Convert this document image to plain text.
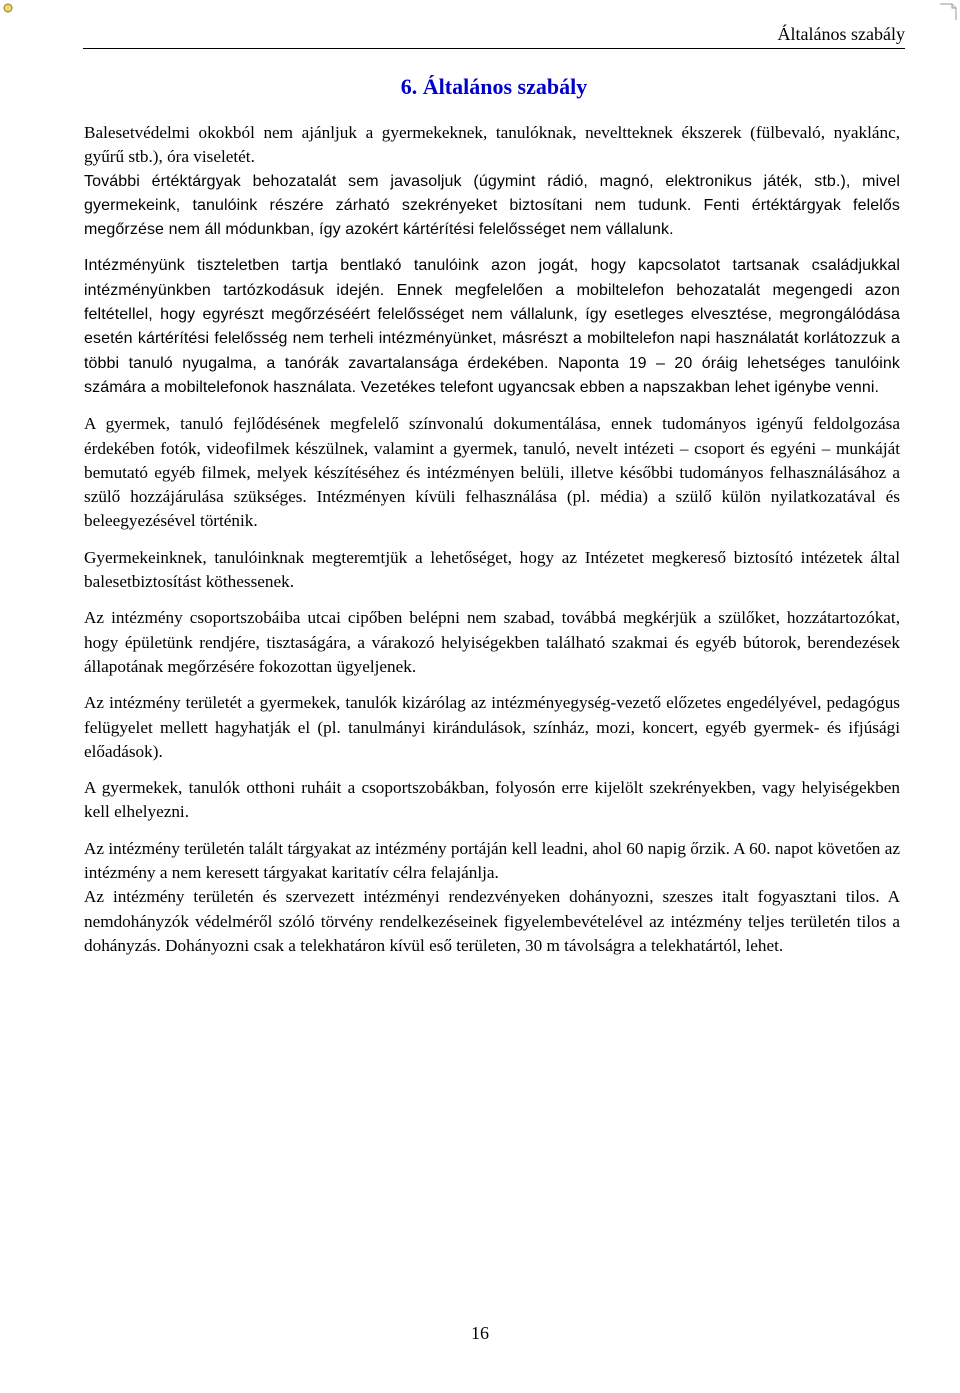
Általános szabály
6. Általános szabály

Balesetvédelmi okokból nem ajánljuk a gyermekeknek, tanulóknak, neveltteknek ékszerek (fülbevaló, nyaklánc, gyűrű stb.), óra viseletét.

További értéktárgyak behozatalát sem javasoljuk (úgymint rádió, magnó, elektronikus játék, stb.), mivel gyermekeink, tanulóink részére zárható szekrényeket biztosítani nem tudunk. Fenti értéktárgyak felelős megőrzése nem áll módunkban, így azokért kártérítési felelősséget nem vállalunk.

Intézményünk tiszteletben tartja bentlakó tanulóink azon jogát, hogy kapcsolatot tartsanak családjukkal intézményünkben tartózkodásuk idején. Ennek megfelelően a mobiltelefon behozatalát megengedi azon feltétellel, hogy egyrészt megőrzéséért felelősséget nem vállalunk, így esetleges elvesztése, megrongálódása esetén kártérítési felelősség nem terheli intézményünket, másrészt a mobiltelefon napi használatát korlátozzuk a többi tanuló nyugalma, a tanórák zavartalansága érdekében. Naponta 19 – 20 óráig lehetséges tanulóink számára a mobiltelefonok használata. Vezetékes telefont ugyancsak ebben a napszakban lehet igénybe venni.

A gyermek, tanuló fejlődésének megfelelő színvonalú dokumentálása, ennek tudományos igényű feldolgozása érdekében fotók, videofilmek készülnek, valamint a gyermek, tanuló, nevelt intézeti – csoport és egyéni – munkáját bemutató egyéb filmek, melyek készítéséhez és intézményen belüli, illetve későbbi tudományos felhasználásához a szülő hozzájárulása szükséges. Intézményen kívüli felhasználása (pl. média) a szülő külön nyilatkozatával és beleegyezésével történik.

Gyermekeinknek, tanulóinknak megteremtjük a lehetőséget, hogy az Intézetet megkereső biztosító intézetek által balesetbiztosítást köthessenek.

Az intézmény csoportszobáiba utcai cipőben belépni nem szabad, továbbá megkérjük a szülőket, hozzátartozókat, hogy épületünk rendjére, tisztaságára, a várakozó helyiségekben található szakmai és egyéb bútorok, berendezések állapotának megőrzésére fokozottan ügyeljenek.

Az intézmény területét a gyermekek, tanulók kizárólag az intézményegység-vezető előzetes engedélyével, pedagógus felügyelet mellett hagyhatják el (pl. tanulmányi kirándulások, színház, mozi, koncert, egyéb gyermek- és ifjúsági előadások).

A gyermekek, tanulók otthoni ruháit a csoportszobákban, folyosón erre kijelölt szekrényekben, vagy helyiségekben kell elhelyezni.

Az intézmény területén talált tárgyakat az intézmény portáján kell leadni, ahol 60 napig őrzik. A 60. napot követően az intézmény a nem keresett tárgyakat karitatív célra felajánlja.

Az intézmény területén és szervezett intézményi rendezvényeken dohányozni, szeszes italt fogyasztani tilos. A nemdohányzók védelméről szóló törvény rendelkezéseinek figyelembevételével az intézmény teljes területén tilos a dohányzás. Dohányozni csak a telekhatáron kívül eső területen, 30 m távolságra a telekhatártól, lehet.

16
